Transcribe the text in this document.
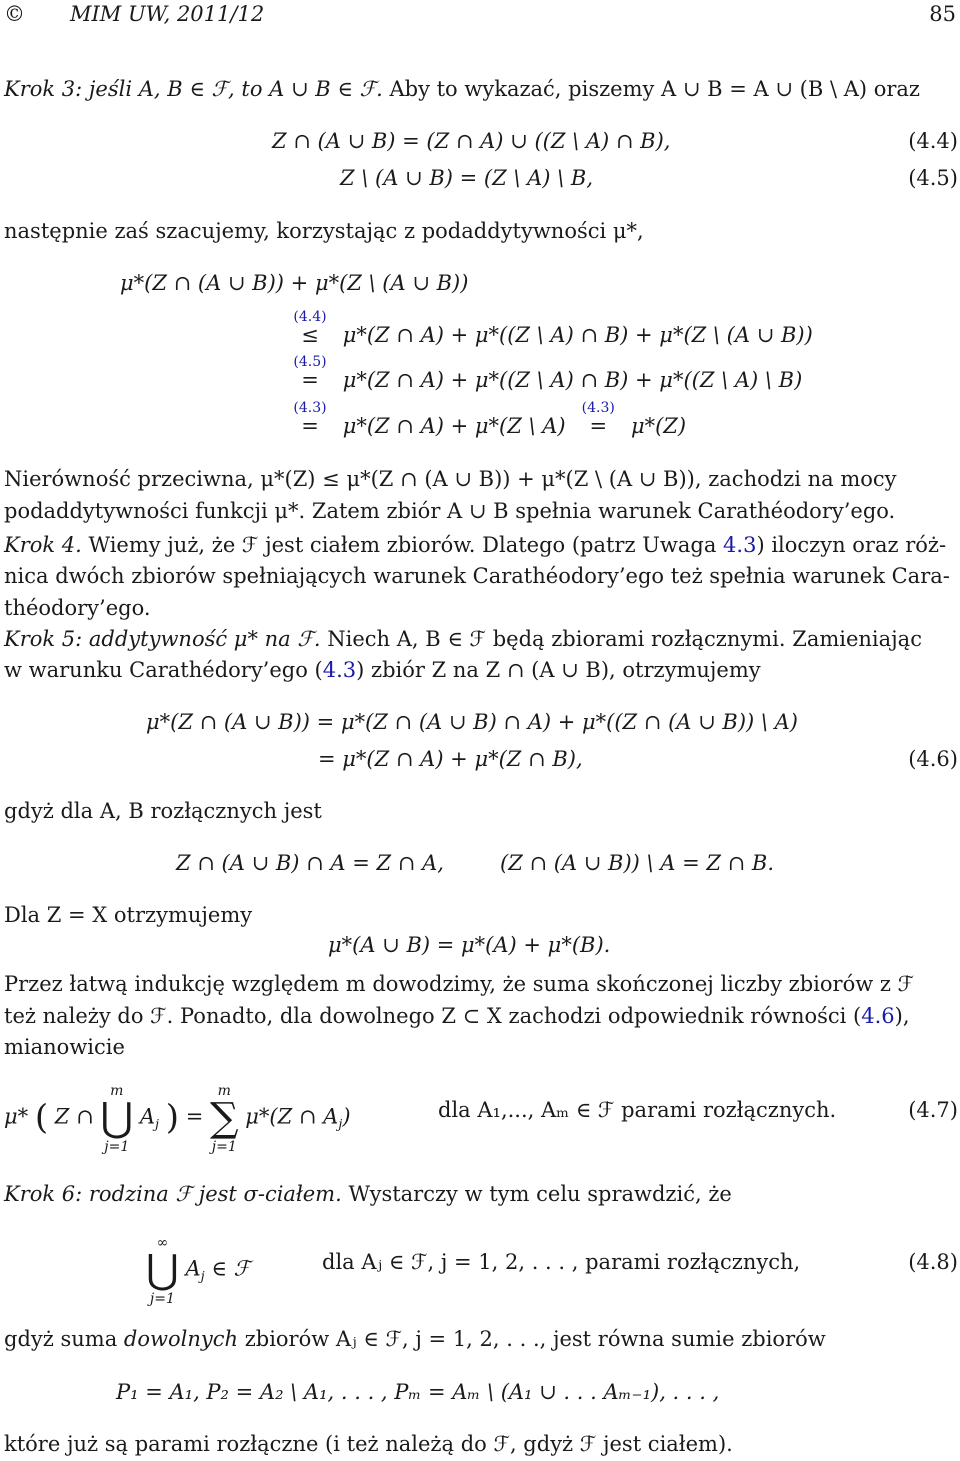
© MIM UW, 2011/12	85
Krok 3: jeśli A, B ∈ ℱ, to A ∪ B ∈ ℱ. Aby to wykazać, piszemy A ∪ B = A ∪ (B \ A) oraz
Z ∩ (A ∪ B) = (Z ∩ A) ∪ ((Z \ A) ∩ B),	(4.4)
Z \ (A ∪ B) = (Z \ A) \ B,	(4.5)
następnie zaś szacujemy, korzystając z podaddytywności μ*,
μ*(Z ∩ (A ∪ B)) + μ*(Z \ (A ∪ B))
(4.4)
≤ μ*(Z ∩ A) + μ*((Z \ A) ∩ B) + μ*(Z \ (A ∪ B))
(4.5)
= μ*(Z ∩ A) + μ*((Z \ A) ∩ B) + μ*((Z \ A) \ B)
(4.3)
= μ*(Z ∩ A) + μ*(Z \ A)
(4.3)
= μ*(Z)
Nierówność przeciwna, μ*(Z) ≤ μ*(Z ∩ (A ∪ B)) + μ*(Z \ (A ∪ B)), zachodzi na mocy
podaddytywności funkcji μ*. Zatem zbiór A ∪ B spełnia warunek Carathéodory’ego.
Krok 4. Wiemy już, że ℱ jest ciałem zbiorów. Dlatego (patrz Uwaga 4.3) iloczyn oraz róż-
nica dwóch zbiorów spełniających warunek Carathéodory’ego też spełnia warunek Cara-
théodory’ego.
Krok 5: addytywność μ* na ℱ. Niech A, B ∈ ℱ będą zbiorami rozłącznymi. Zamieniając
w warunku Carathédory’ego (4.3) zbiór Z na Z ∩ (A ∪ B), otrzymujemy
μ*(Z ∩ (A ∪ B)) = μ*(Z ∩ (A ∪ B) ∩ A) + μ*((Z ∩ (A ∪ B)) \ A)
= μ*(Z ∩ A) + μ*(Z ∩ B),	(4.6)
gdyż dla A, B rozłącznych jest
Z ∩ (A ∪ B) ∩ A = Z ∩ A,	(Z ∩ (A ∪ B)) \ A = Z ∩ B.
Dla Z = X otrzymujemy
μ*(A ∪ B) = μ*(A) + μ*(B).
Przez łatwą indukcję względem m dowodzimy, że suma skończonej liczby zbiorów z ℱ
też należy do ℱ. Ponadto, dla dowolnego Z ⊂ X zachodzi odpowiednik równości (4.6),
mianowicie
μ* ( Z ∩
m
⋃
j=1
$A_j$ ) =
m
∑
j=1
μ*(Z ∩ $A_j$)	dla A₁,..., Aₘ ∈ ℱ parami rozłącznych.	(4.7)
Krok 6: rodzina ℱ jest σ-ciałem. Wystarczy w tym celu sprawdzić, że
∞
⋃
j=1
$A_j$ ∈ ℱ	dla Aⱼ ∈ ℱ, j = 1, 2, . . . , parami rozłącznych,	(4.8)
gdyż suma dowolnych zbiorów Aⱼ ∈ ℱ, j = 1, 2, . . ., jest równa sumie zbiorów
P₁ = A₁, P₂ = A₂ \ A₁, . . . , Pₘ = Aₘ \ (A₁ ∪ . . . Aₘ₋₁), . . . ,
które już są parami rozłączne (i też należą do ℱ, gdyż ℱ jest ciałem).
